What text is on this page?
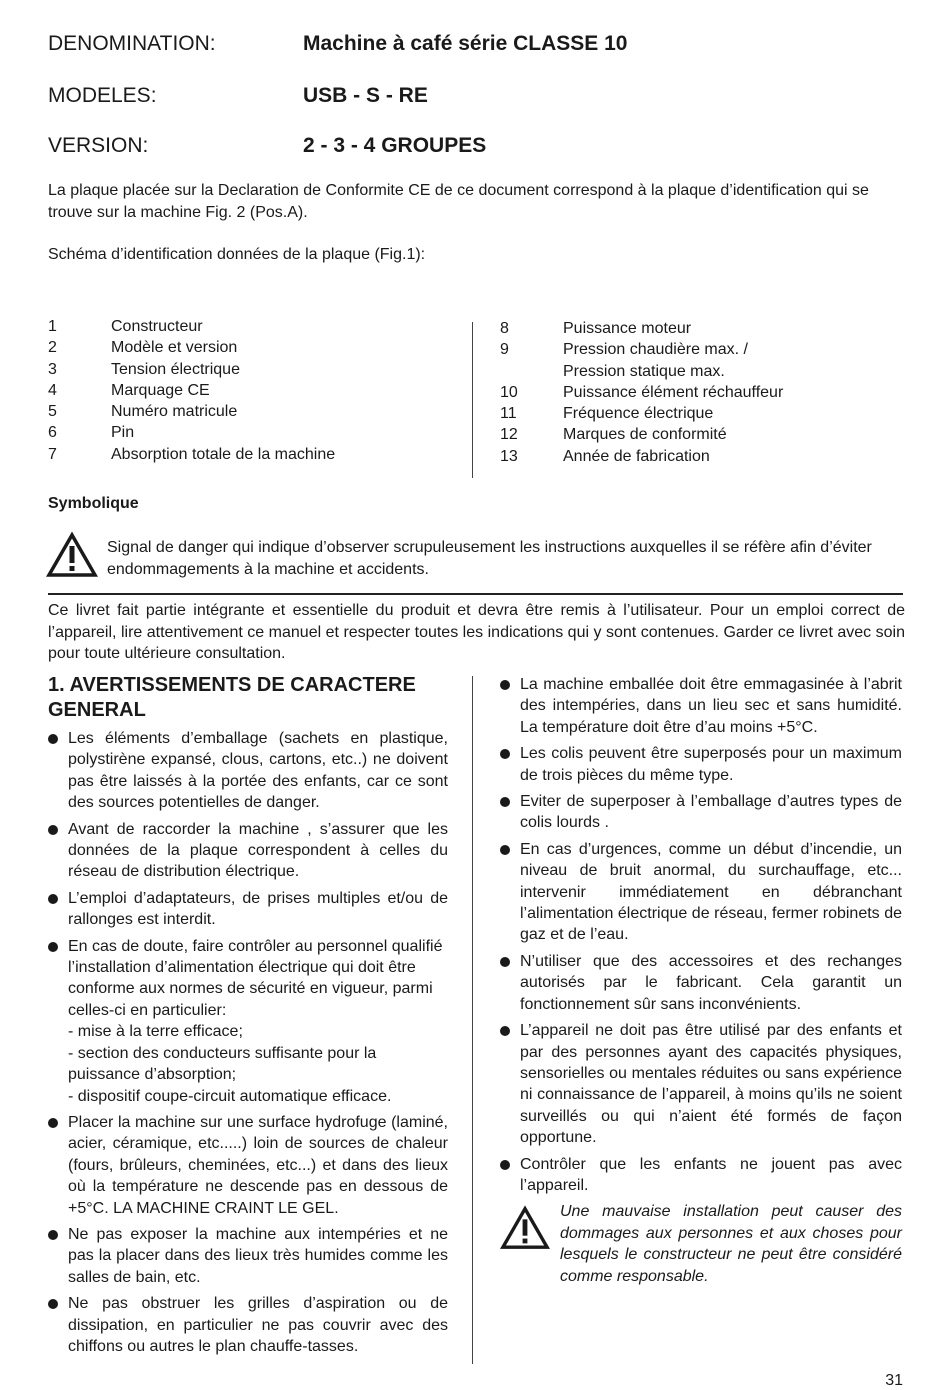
DENOMINATION:	Machine à café série CLASSE 10
MODELES:	USB - S - RE
VERSION:	2 - 3 - 4 GROUPES
La plaque placée sur la Declaration de Conformite CE de ce document correspond à la plaque d’identification qui se trouve sur la machine Fig. 2 (Pos.A).
Schéma d’identification données de la plaque (Fig.1):
1	Constructeur
2	Modèle et version
3	Tension électrique
4	Marquage CE
5	Numéro matricule
6	Pin
7	Absorption totale de la machine
8	Puissance moteur
9	Pression chaudière max. /
Pression statique max.
10	Puissance élément réchauffeur
11	Fréquence électrique
12	Marques de conformité
13	Année de fabrication
Symbolique
Signal de danger qui indique d’observer scrupuleusement les instructions auxquelles il se réfère afin d’éviter endommagements à la machine et accidents.
Ce livret fait partie intégrante et essentielle du produit et devra être remis à l’utilisateur. Pour un emploi correct de l’appareil, lire attentivement ce manuel et respecter toutes les indications qui y sont contenues. Garder ce livret avec soin pour toute ultérieure consultation.
1. AVERTISSEMENTS DE CARACTERE GENERAL
Les éléments d’emballage (sachets en plastique, polystirène expansé, clous, cartons, etc..) ne doivent pas être laissés à la portée des enfants, car ce sont des sources potentielles de danger.
Avant de raccorder la machine , s’assurer que les données de la plaque correspondent à celles du réseau de distribution électrique.
L’emploi d’adaptateurs, de prises multiples et/ou de rallonges est interdit.
En cas de doute, faire contrôler au personnel qualifié l’installation d’alimentation électrique qui doit être conforme aux normes de sécurité en vigueur, parmi celles-ci en particulier:
- mise à la terre efficace;
- section des conducteurs suffisante pour la puissance d’absorption;
- dispositif coupe-circuit automatique efficace.
Placer la machine sur une surface hydrofuge (laminé, acier, céramique, etc.....) loin de sources de chaleur (fours, brûleurs, cheminées, etc...) et dans des lieux où la température ne descende pas en dessous de +5°C. LA MACHINE CRAINT LE GEL.
Ne pas exposer la machine aux intempéries et ne pas la placer dans des lieux très humides comme les salles de bain, etc.
Ne pas obstruer les grilles d’aspiration ou de dissipation, en particulier ne pas couvrir avec des chiffons ou autres le plan chauffe-tasses.
La machine emballée doit être emmagasinée à l’abrit des intempéries, dans un lieu sec et sans humidité. La température doit être d’au moins +5°C.
Les colis peuvent être superposés pour un maximum de trois pièces du même type.
Eviter de superposer à l’emballage d’autres types de colis lourds .
En cas d’urgences, comme un début d’incendie, un niveau de bruit anormal, du surchauffage, etc... intervenir immédiatement en débranchant l’alimentation électrique de réseau, fermer robinets de gaz et de l’eau.
N’utiliser que des accessoires et des rechanges autorisés par le fabricant. Cela garantit un fonctionnement sûr sans inconvénients.
L’appareil ne doit pas être utilisé par des enfants et par des personnes ayant des capacités physiques, sensorielles ou mentales réduites ou sans expérience ni connaissance de l’appareil, à moins qu’ils ne soient surveillés ou qui n’aient été formés de façon opportune.
Contrôler que les enfants ne jouent pas avec l’appareil.
Une mauvaise installation peut causer des dommages aux personnes et aux choses pour lesquels le constructeur ne peut être considéré comme responsable.
31
